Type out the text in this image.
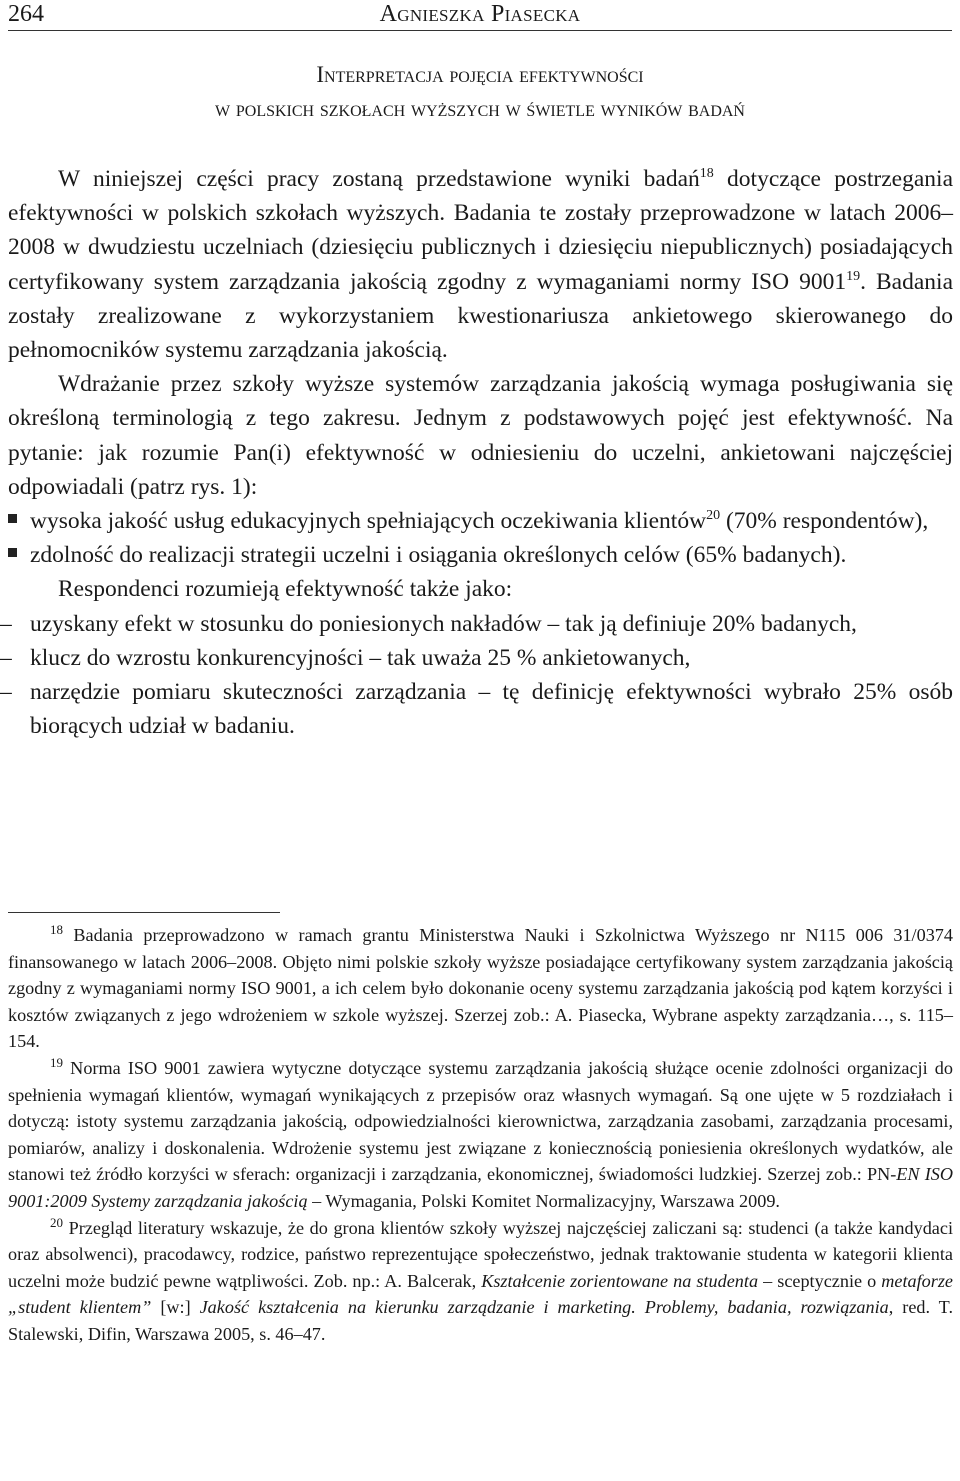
264	Agnieszka Piasecka
Interpretacja pojęcia efektywności
w polskich szkołach wyższych w świetle wyników badań

W niniejszej części pracy zostaną przedstawione wyniki badań$^{18}$ dotyczące postrzegania efektywności w polskich szkołach wyższych. Badania te zostały przeprowadzone w latach 2006–2008 w dwudziestu uczelniach (dziesięciu publicznych i dziesięciu niepublicznych) posiadających certyfikowany system zarządzania jakością zgodny z wymaganiami normy ISO 9001$^{19}$. Badania zostały zrealizowane z wykorzystaniem kwestionariusza ankietowego skierowanego do pełnomocników systemu zarządzania jakością.

Wdrażanie przez szkoły wyższe systemów zarządzania jakością wymaga posługiwania się określoną terminologią z tego zakresu. Jednym z podstawowych pojęć jest efektywność. Na pytanie: jak rozumie Pan(i) efektywność w odniesieniu do uczelni, ankietowani najczęściej odpowiadali (patrz rys. 1):

wysoka jakość usług edukacyjnych spełniających oczekiwania klientów$^{20}$ (70% respondentów),
zdolność do realizacji strategii uczelni i osiągania określonych celów (65% badanych).

Respondenci rozumieją efektywność także jako:

– uzyskany efekt w stosunku do poniesionych nakładów – tak ją definiuje 20% badanych,
– klucz do wzrostu konkurencyjności – tak uważa 25 % ankietowanych,
– narzędzie pomiaru skuteczności zarządzania – tę definicję efektywności wybrało 25% osób biorących udział w badaniu.

$^{18}$ Badania przeprowadzono w ramach grantu Ministerstwa Nauki i Szkolnictwa Wyższego nr N115 006 31/0374 finansowanego w latach 2006–2008. Objęto nimi polskie szkoły wyższe posiadające certyfikowany system zarządzania jakością zgodny z wymaganiami normy ISO 9001, a ich celem było dokonanie oceny systemu zarządzania jakością pod kątem korzyści i kosztów związanych z jego wdrożeniem w szkole wyższej. Szerzej zob.: A. Piasecka, Wybrane aspekty zarządzania…, s. 115–154.

$^{19}$ Norma ISO 9001 zawiera wytyczne dotyczące systemu zarządzania jakością służące ocenie zdolności organizacji do spełnienia wymagań klientów, wymagań wynikających z przepisów oraz własnych wymagań. Są one ujęte w 5 rozdziałach i dotyczą: istoty systemu zarządzania jakością, odpowiedzialności kierownictwa, zarządzania zasobami, zarządzania procesami, pomiarów, analizy i doskonalenia. Wdrożenie systemu jest związane z koniecznością poniesienia określonych wydatków, ale stanowi też źródło korzyści w sferach: organizacji i zarządzania, ekonomicznej, świadomości ludzkiej. Szerzej zob.: PN-EN ISO 9001:2009 Systemy zarządzania jakością – Wymagania, Polski Komitet Normalizacyjny, Warszawa 2009.

$^{20}$ Przegląd literatury wskazuje, że do grona klientów szkoły wyższej najczęściej zaliczani są: studenci (a także kandydaci oraz absolwenci), pracodawcy, rodzice, państwo reprezentujące społeczeństwo, jednak traktowanie studenta w kategorii klienta uczelni może budzić pewne wątpliwości. Zob. np.: A. Balcerak, Kształcenie zorientowane na studenta – sceptycznie o metaforze „student klientem” [w:] Jakość kształcenia na kierunku zarządzanie i marketing. Problemy, badania, rozwiązania, red. T. Stalewski, Difin, Warszawa 2005, s. 46–47.
